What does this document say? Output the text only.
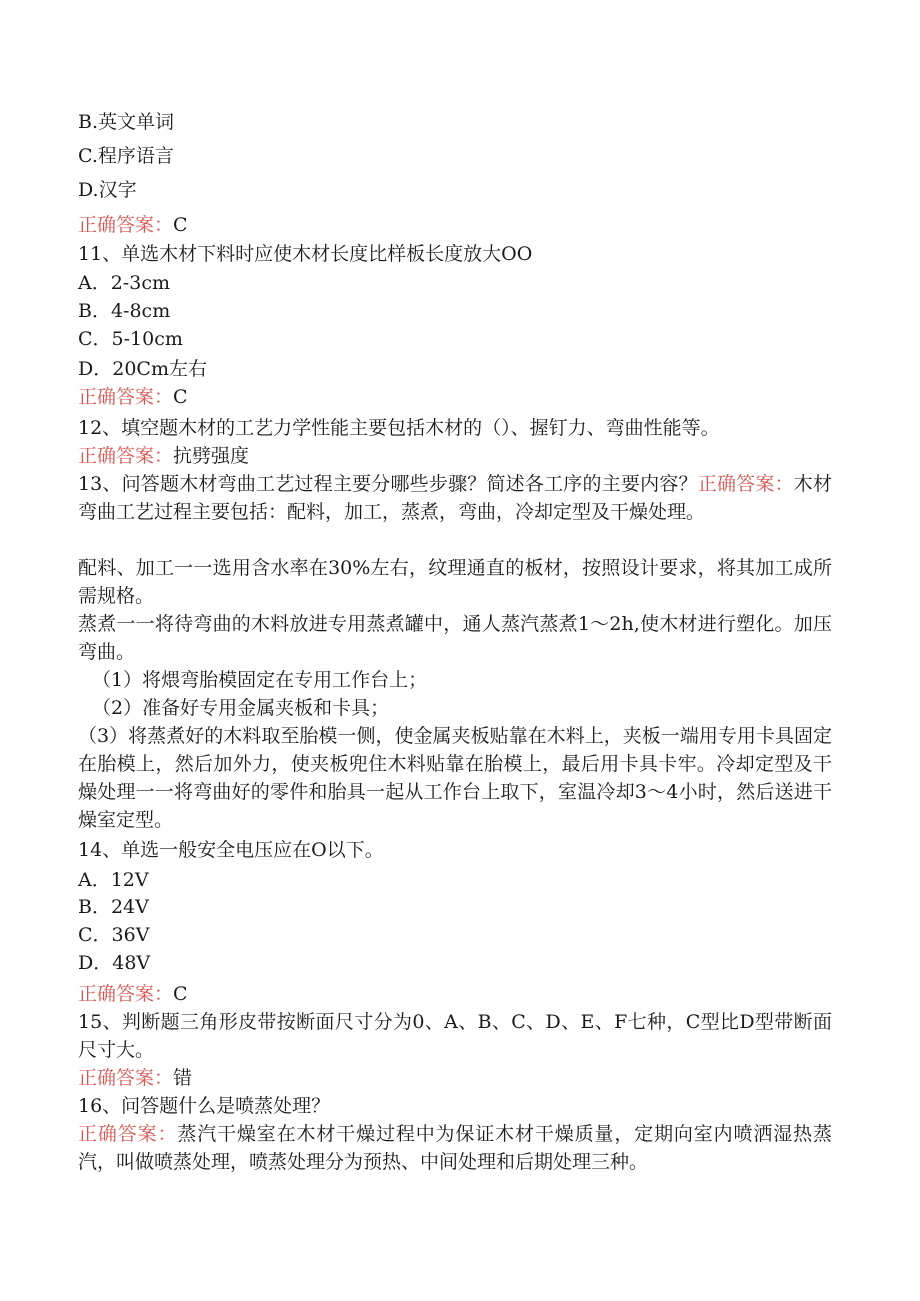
B.英文单词
C.程序语言
D.汉字
正确答案：C
11、单选木材下料时应使木材长度比样板长度放大OO
A．2-3cm
B．4-8cm
C．5-10cm
D．20Cm左右
正确答案：C
12、填空题木材的工艺力学性能主要包括木材的（）、握钉力、弯曲性能等。
正确答案：抗劈强度
13、问答题木材弯曲工艺过程主要分哪些步骤？简述各工序的主要内容？正确答案：木材弯曲工艺过程主要包括：配料，加工，蒸煮，弯曲，冷却定型及干燥处理。
配料、加工一一选用含水率在30%左右，纹理通直的板材，按照设计要求，将其加工成所需规格。
蒸煮一一将待弯曲的木料放进专用蒸煮罐中，通人蒸汽蒸煮1～2h,使木材进行塑化。加压弯曲。
（1）将煨弯胎模固定在专用工作台上；
（2）准备好专用金属夹板和卡具；
（3）将蒸煮好的木料取至胎模一侧，使金属夹板贴靠在木料上，夹板一端用专用卡具固定在胎模上，然后加外力，使夹板兜住木料贴靠在胎模上，最后用卡具卡牢。冷却定型及干燥处理一一将弯曲好的零件和胎具一起从工作台上取下，室温冷却3～4小时，然后送进干燥室定型。
14、单选一般安全电压应在O以下。
A．12V
B．24V
C．36V
D．48V
正确答案：C
15、判断题三角形皮带按断面尺寸分为0、A、B、C、D、E、F七种，C型比D型带断面尺寸大。
正确答案：错
16、问答题什么是喷蒸处理？
正确答案：蒸汽干燥室在木材干燥过程中为保证木材干燥质量，定期向室内喷洒湿热蒸汽，叫做喷蒸处理，喷蒸处理分为预热、中间处理和后期处理三种。
